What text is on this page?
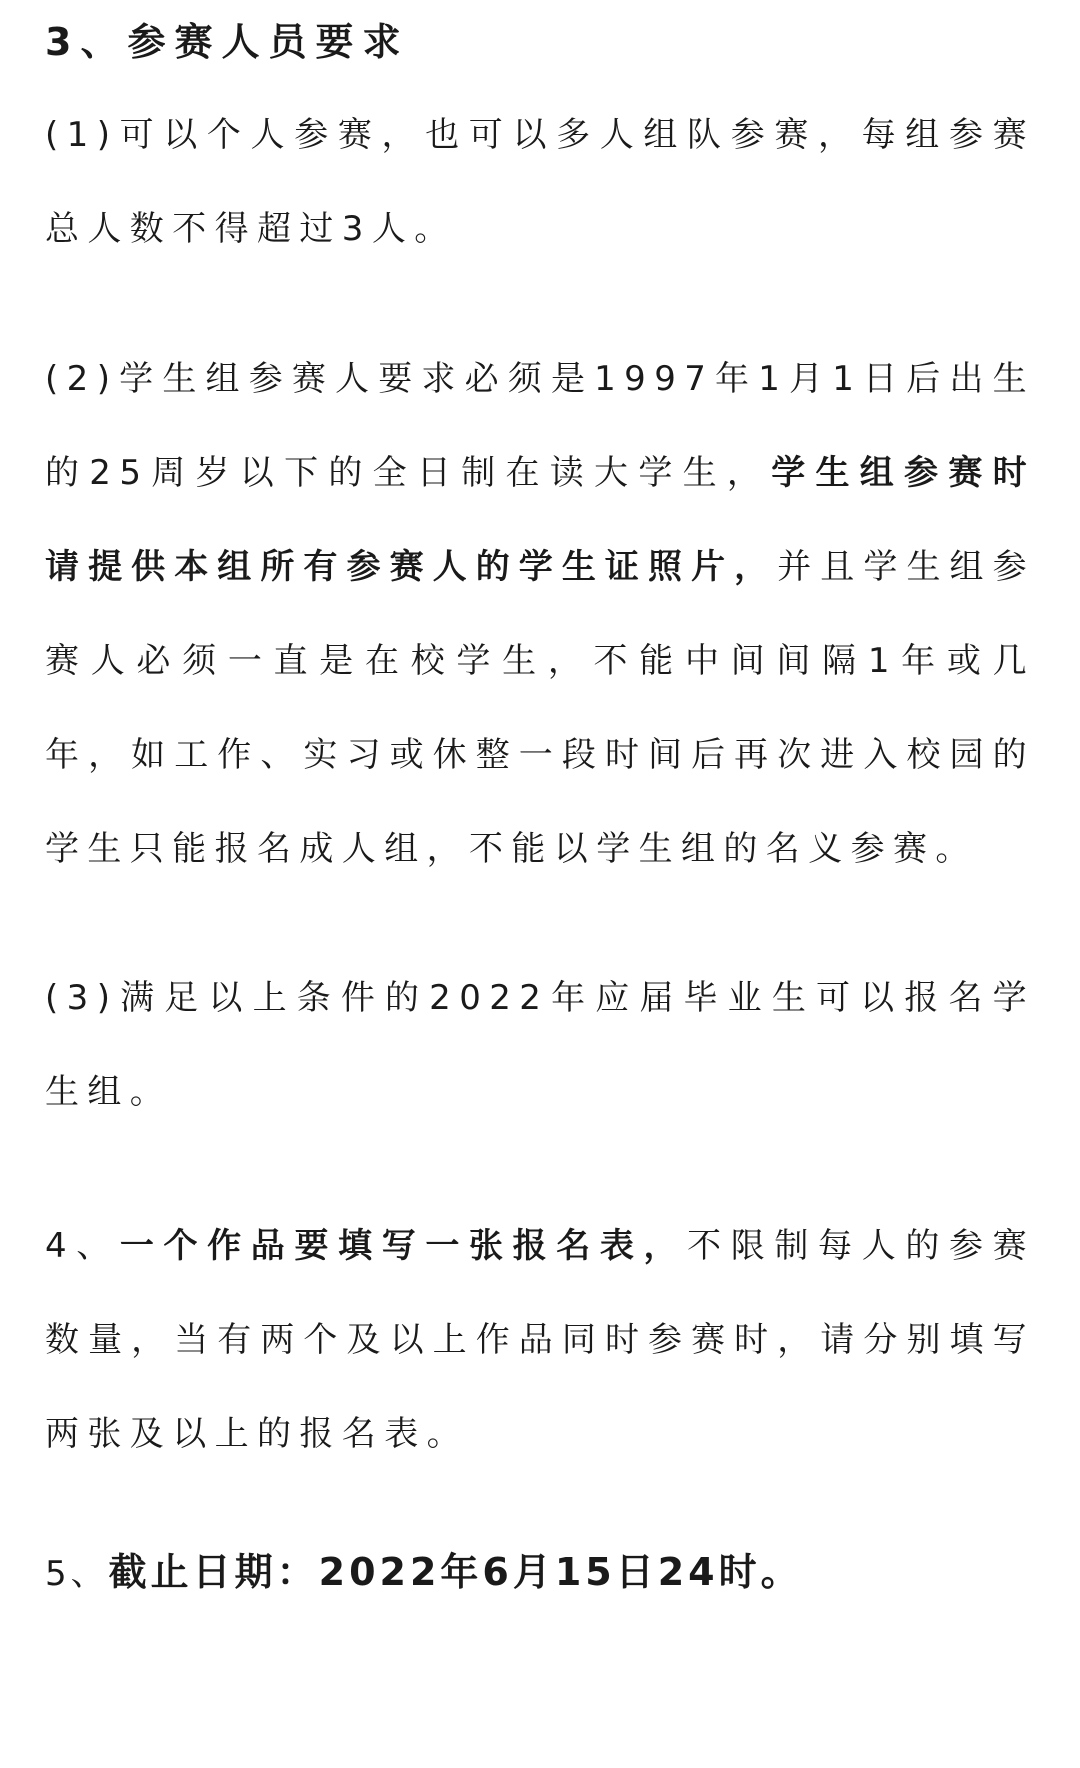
3、参赛人员要求

(1)可以个人参赛，也可以多人组队参赛，每组参赛总人数不得超过3人。

(2)学生组参赛人要求必须是1997年1月1日后出生的25周岁以下的全日制在读大学生，学生组参赛时请提供本组所有参赛人的学生证照片，并且学生组参赛人必须一直是在校学生，不能中间间隔1年或几年，如工作、实习或休整一段时间后再次进入校园的学生只能报名成人组，不能以学生组的名义参赛。

(3)满足以上条件的2022年应届毕业生可以报名学生组。

4、一个作品要填写一张报名表，不限制每人的参赛数量，当有两个及以上作品同时参赛时，请分别填写两张及以上的报名表。

5、截止日期：2022年6月15日24时。
